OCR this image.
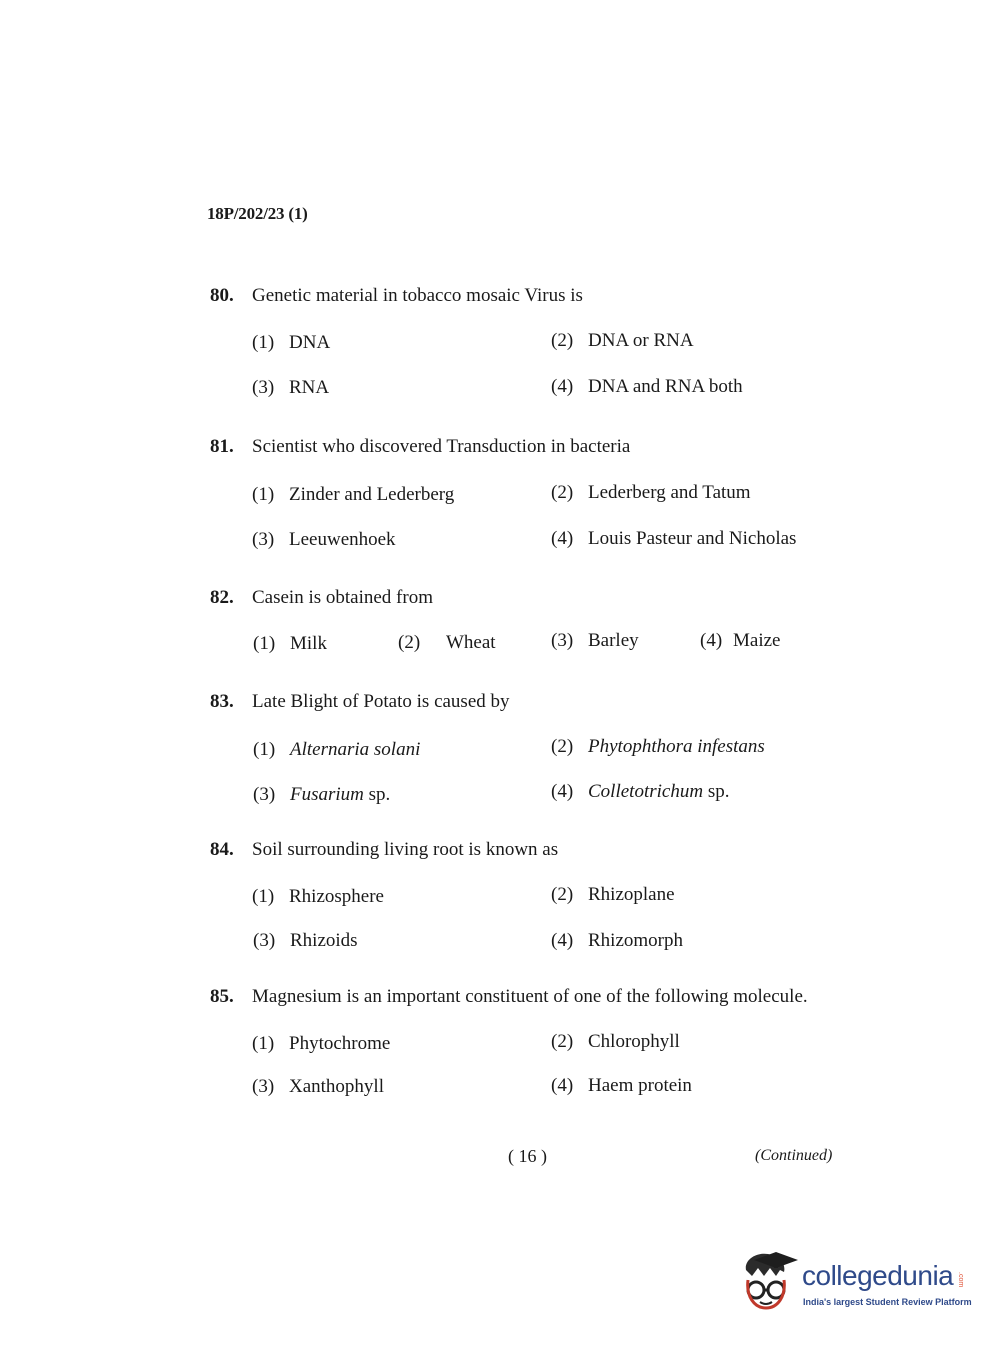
18P/202/23 (1)
80. Genetic material in tobacco mosaic Virus is
(1) DNA	(2) DNA or RNA
(3) RNA	(4) DNA and RNA both
81. Scientist who discovered Transduction in bacteria
(1) Zinder and Lederberg	(2) Lederberg and Tatum
(3) Leeuwenhoek	(4) Louis Pasteur and Nicholas
82. Casein is obtained from
(1) Milk	(2) Wheat	(3) Barley	(4) Maize
83. Late Blight of Potato is caused by
(1) Alternaria solani	(2) Phytophthora infestans
(3) Fusarium sp.	(4) Colletotrichum sp.
84. Soil surrounding living root is known as
(1) Rhizosphere	(2) Rhizoplane
(3) Rhizoids	(4) Rhizomorph
85. Magnesium is an important constituent of one of the following molecule.
(1) Phytochrome	(2) Chlorophyll
(3) Xanthophyll	(4) Haem protein
( 16 )	(Continued)
collegedunia .com
India's largest Student Review Platform
